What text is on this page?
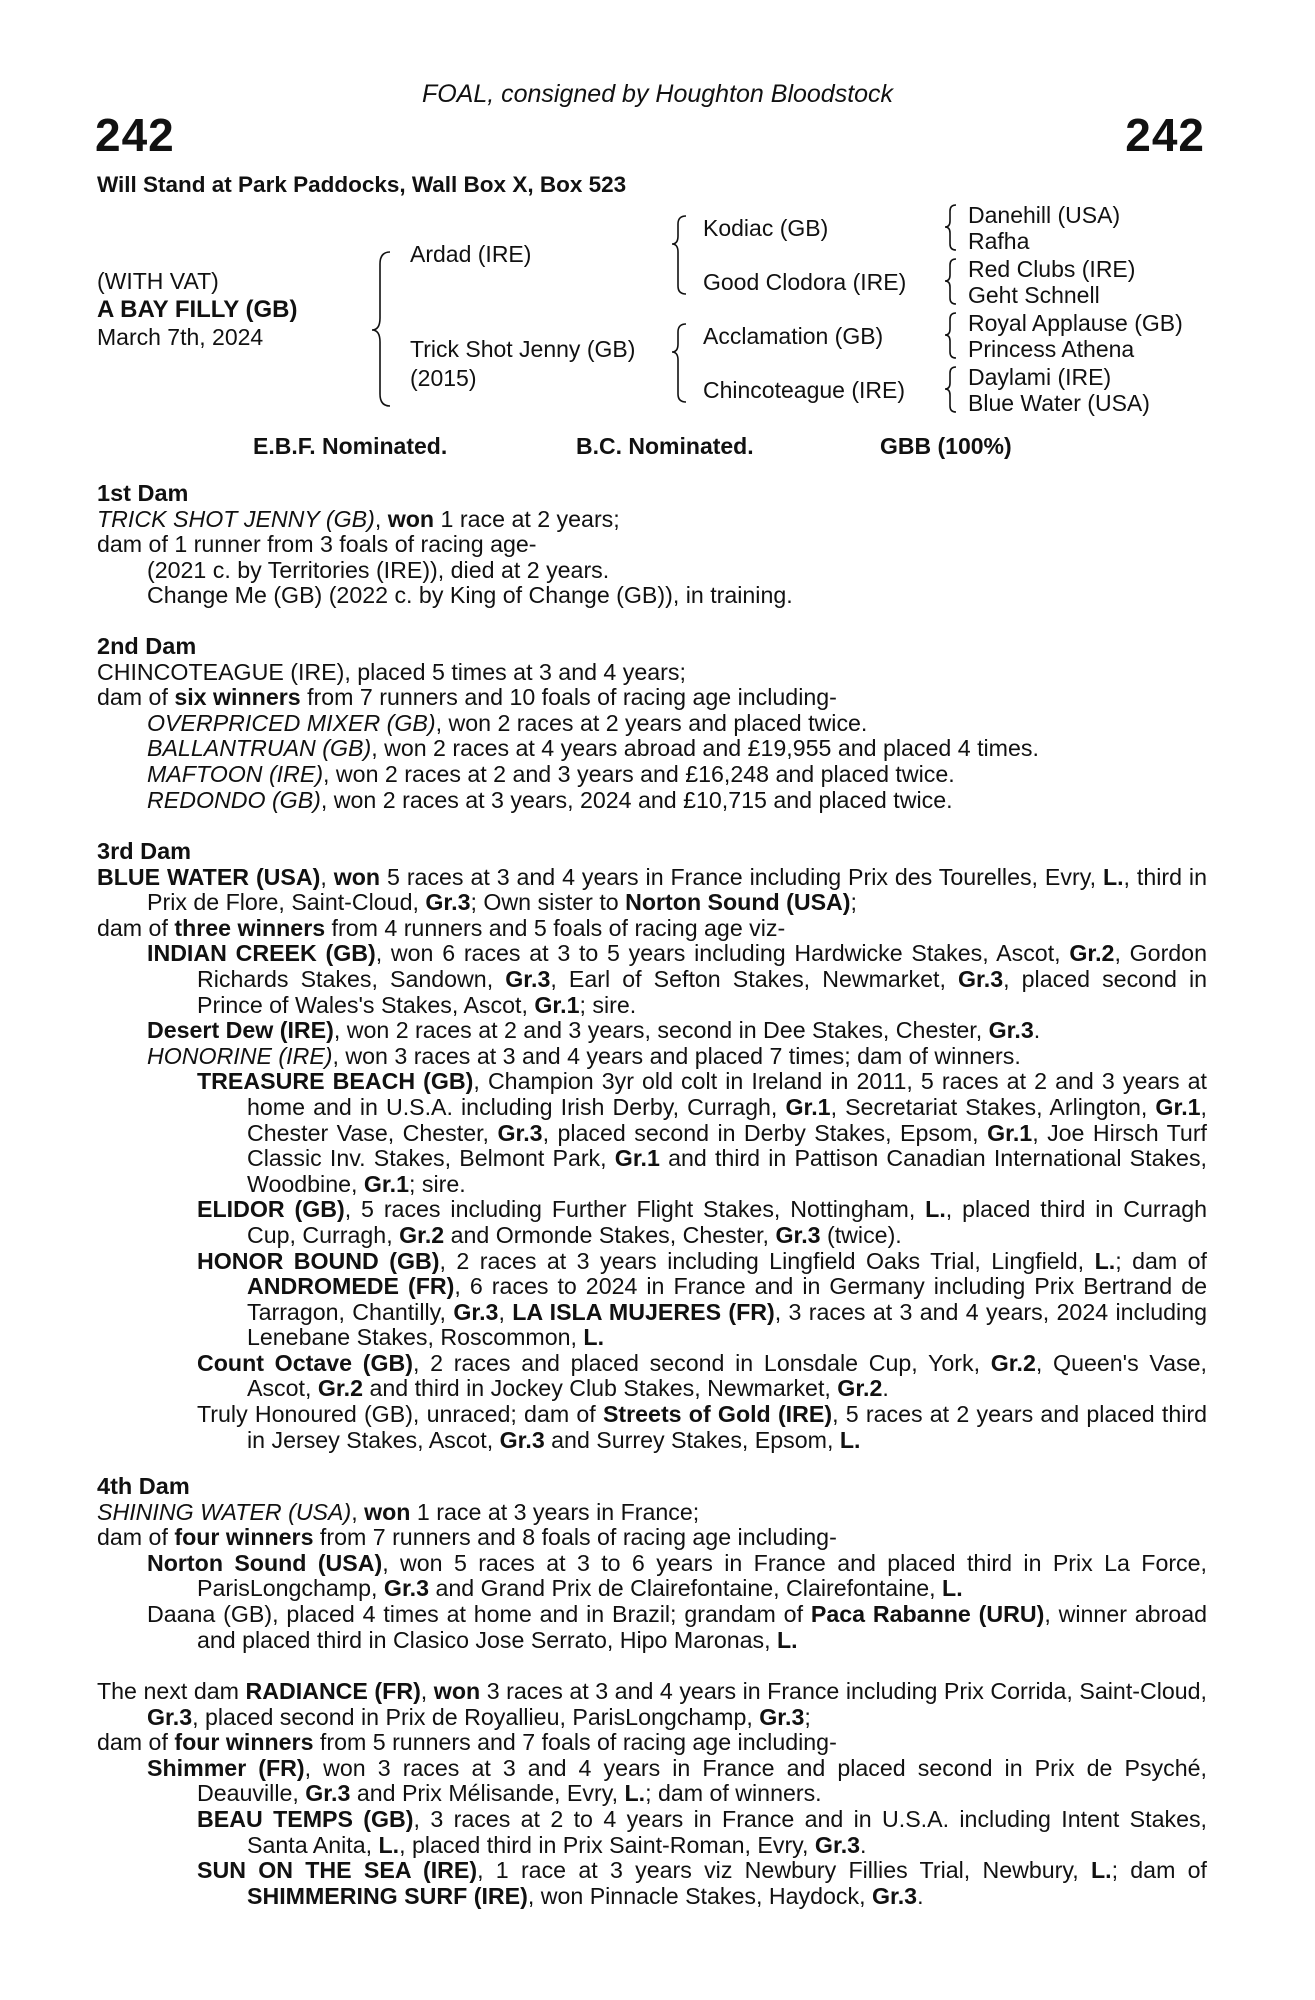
FOAL, consigned by Houghton Bloodstock
242	242
Will Stand at Park Paddocks, Wall Box X, Box 523
(WITH VAT)
A BAY FILLY (GB)
March 7th, 2024
Ardad (IRE)
Trick Shot Jenny (GB)
(2015)
Kodiac (GB)
Good Clodora (IRE)
Acclamation (GB)
Chincoteague (IRE)
Danehill (USA)
Rafha
Red Clubs (IRE)
Geht Schnell
Royal Applause (GB)
Princess Athena
Daylami (IRE)
Blue Water (USA)
E.B.F. Nominated.	B.C. Nominated.	GBB (100%)

1st Dam

TRICK SHOT JENNY (GB), won 1 race at 2 years;

dam of 1 runner from 3 foals of racing age-

(2021 c. by Territories (IRE)), died at 2 years.

Change Me (GB) (2022 c. by King of Change (GB)), in training.

2nd Dam

CHINCOTEAGUE (IRE), placed 5 times at 3 and 4 years;

dam of six winners from 7 runners and 10 foals of racing age including-

OVERPRICED MIXER (GB), won 2 races at 2 years and placed twice.

BALLANTRUAN (GB), won 2 races at 4 years abroad and £19,955 and placed 4 times.

MAFTOON (IRE), won 2 races at 2 and 3 years and £16,248 and placed twice.

REDONDO (GB), won 2 races at 3 years, 2024 and £10,715 and placed twice.

3rd Dam

BLUE WATER (USA), won 5 races at 3 and 4 years in France including Prix des Tourelles, Evry, L., third in Prix de Flore, Saint-Cloud, Gr.3; Own sister to Norton Sound (USA);

dam of three winners from 4 runners and 5 foals of racing age viz-

INDIAN CREEK (GB), won 6 races at 3 to 5 years including Hardwicke Stakes, Ascot, Gr.2, Gordon Richards Stakes, Sandown, Gr.3, Earl of Sefton Stakes, Newmarket, Gr.3, placed second in Prince of Wales's Stakes, Ascot, Gr.1; sire.

Desert Dew (IRE), won 2 races at 2 and 3 years, second in Dee Stakes, Chester, Gr.3.

HONORINE (IRE), won 3 races at 3 and 4 years and placed 7 times; dam of winners.

TREASURE BEACH (GB), Champion 3yr old colt in Ireland in 2011, 5 races at 2 and 3 years at home and in U.S.A. including Irish Derby, Curragh, Gr.1, Secretariat Stakes, Arlington, Gr.1, Chester Vase, Chester, Gr.3, placed second in Derby Stakes, Epsom, Gr.1, Joe Hirsch Turf Classic Inv. Stakes, Belmont Park, Gr.1 and third in Pattison Canadian International Stakes, Woodbine, Gr.1; sire.

ELIDOR (GB), 5 races including Further Flight Stakes, Nottingham, L., placed third in Curragh Cup, Curragh, Gr.2 and Ormonde Stakes, Chester, Gr.3 (twice).

HONOR BOUND (GB), 2 races at 3 years including Lingfield Oaks Trial, Lingfield, L.; dam of ANDROMEDE (FR), 6 races to 2024 in France and in Germany including Prix Bertrand de Tarragon, Chantilly, Gr.3, LA ISLA MUJERES (FR), 3 races at 3 and 4 years, 2024 including Lenebane Stakes, Roscommon, L.

Count Octave (GB), 2 races and placed second in Lonsdale Cup, York, Gr.2, Queen's Vase, Ascot, Gr.2 and third in Jockey Club Stakes, Newmarket, Gr.2.

Truly Honoured (GB), unraced; dam of Streets of Gold (IRE), 5 races at 2 years and placed third in Jersey Stakes, Ascot, Gr.3 and Surrey Stakes, Epsom, L.

4th Dam

SHINING WATER (USA), won 1 race at 3 years in France;

dam of four winners from 7 runners and 8 foals of racing age including-

Norton Sound (USA), won 5 races at 3 to 6 years in France and placed third in Prix La Force, ParisLongchamp, Gr.3 and Grand Prix de Clairefontaine, Clairefontaine, L.

Daana (GB), placed 4 times at home and in Brazil; grandam of Paca Rabanne (URU), winner abroad and placed third in Clasico Jose Serrato, Hipo Maronas, L.

The next dam RADIANCE (FR), won 3 races at 3 and 4 years in France including Prix Corrida, Saint-Cloud, Gr.3, placed second in Prix de Royallieu, ParisLongchamp, Gr.3;

dam of four winners from 5 runners and 7 foals of racing age including-

Shimmer (FR), won 3 races at 3 and 4 years in France and placed second in Prix de Psyché, Deauville, Gr.3 and Prix Mélisande, Evry, L.; dam of winners.

BEAU TEMPS (GB), 3 races at 2 to 4 years in France and in U.S.A. including Intent Stakes, Santa Anita, L., placed third in Prix Saint-Roman, Evry, Gr.3.

SUN ON THE SEA (IRE), 1 race at 3 years viz Newbury Fillies Trial, Newbury, L.; dam of SHIMMERING SURF (IRE), won Pinnacle Stakes, Haydock, Gr.3.
